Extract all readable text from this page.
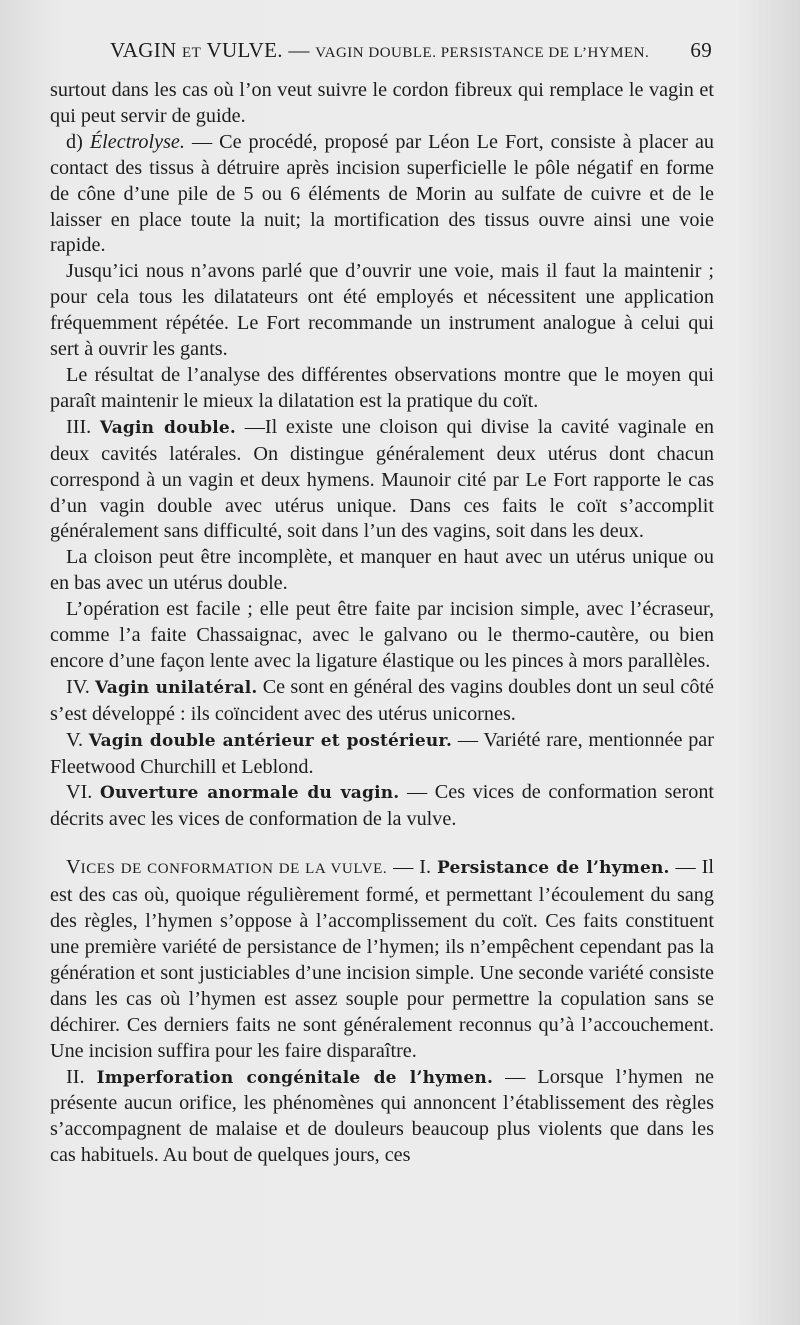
VAGIN ET VULVE. — VAGIN DOUBLE. PERSISTANCE DE L’HYMEN. 69

surtout dans les cas où l’on veut suivre le cordon fibreux qui remplace le vagin et qui peut servir de guide.

d) Électrolyse. — Ce procédé, proposé par Léon Le Fort, consiste à placer au contact des tissus à détruire après incision superficielle le pôle négatif en forme de cône d’une pile de 5 ou 6 éléments de Morin au sulfate de cuivre et de le laisser en place toute la nuit; la mortification des tissus ouvre ainsi une voie rapide.

Jusqu’ici nous n’avons parlé que d’ouvrir une voie, mais il faut la maintenir ; pour cela tous les dilatateurs ont été employés et nécessitent une application fréquemment répétée. Le Fort recommande un instrument analogue à celui qui sert à ouvrir les gants.

Le résultat de l’analyse des différentes observations montre que le moyen qui paraît maintenir le mieux la dilatation est la pratique du coït.

III. Vagin double. —Il existe une cloison qui divise la cavité vaginale en deux cavités latérales. On distingue généralement deux utérus dont chacun correspond à un vagin et deux hymens. Maunoir cité par Le Fort rapporte le cas d’un vagin double avec utérus unique. Dans ces faits le coït s’accomplit généralement sans difficulté, soit dans l’un des vagins, soit dans les deux.

La cloison peut être incomplète, et manquer en haut avec un utérus unique ou en bas avec un utérus double.

L’opération est facile ; elle peut être faite par incision simple, avec l’écraseur, comme l’a faite Chassaignac, avec le galvano ou le thermo-cautère, ou bien encore d’une façon lente avec la ligature élastique ou les pinces à mors parallèles.

IV. Vagin unilatéral. Ce sont en général des vagins doubles dont un seul côté s’est développé : ils coïncident avec des utérus unicornes.

V. Vagin double antérieur et postérieur. — Variété rare, mentionnée par Fleetwood Churchill et Leblond.

VI. Ouverture anormale du vagin. — Ces vices de conformation seront décrits avec les vices de conformation de la vulve.

VICES DE CONFORMATION DE LA VULVE. — I. Persistance de l’hymen. — Il est des cas où, quoique régulièrement formé, et permettant l’écoulement du sang des règles, l’hymen s’oppose à l’accomplissement du coït. Ces faits constituent une première variété de persistance de l’hymen; ils n’empêchent cependant pas la génération et sont justiciables d’une incision simple. Une seconde variété consiste dans les cas où l’hymen est assez souple pour permettre la copulation sans se déchirer. Ces derniers faits ne sont généralement reconnus qu’à l’accouchement. Une incision suffira pour les faire disparaître.

II. Imperforation congénitale de l’hymen. — Lorsque l’hymen ne présente aucun orifice, les phénomènes qui annoncent l’établissement des règles s’accompagnent de malaise et de douleurs beaucoup plus violents que dans les cas habituels. Au bout de quelques jours, ces
